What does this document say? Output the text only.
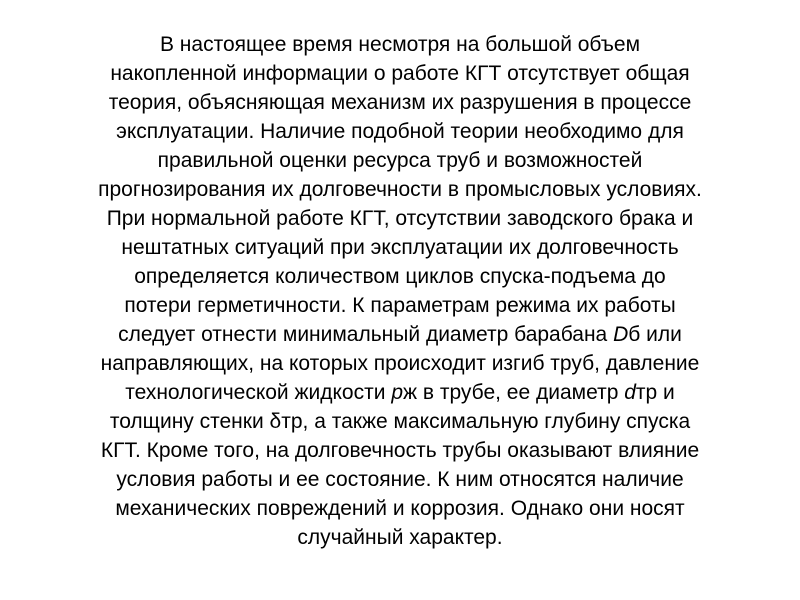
В настоящее время несмотря на большой объем
накопленной информации о работе КГТ отсутствует общая
теория, объясняющая механизм их разрушения в процессе
эксплуатации. Наличие подобной теории необходимо для
правильной оценки ресурса труб и возможностей
прогнозирования их долговечности в промысловых условиях.
При нормальной работе КГТ, отсутствии заводского брака и
нештатных ситуаций при эксплуатации их долговечность
определяется количеством циклов спуска-подъема до
потери герметичности. К параметрам режима их работы
следует отнести минимальный диаметр барабана Dб или
направляющих, на которых происходит изгиб труб, давление
технологической жидкости pж в трубе, ее диаметр dтр и
толщину стенки δтр, а также максимальную глубину спуска
КГТ. Кроме того, на долговечность трубы оказывают влияние
условия работы и ее состояние. К ним относятся наличие
механических повреждений и коррозия. Однако они носят
случайный характер.
